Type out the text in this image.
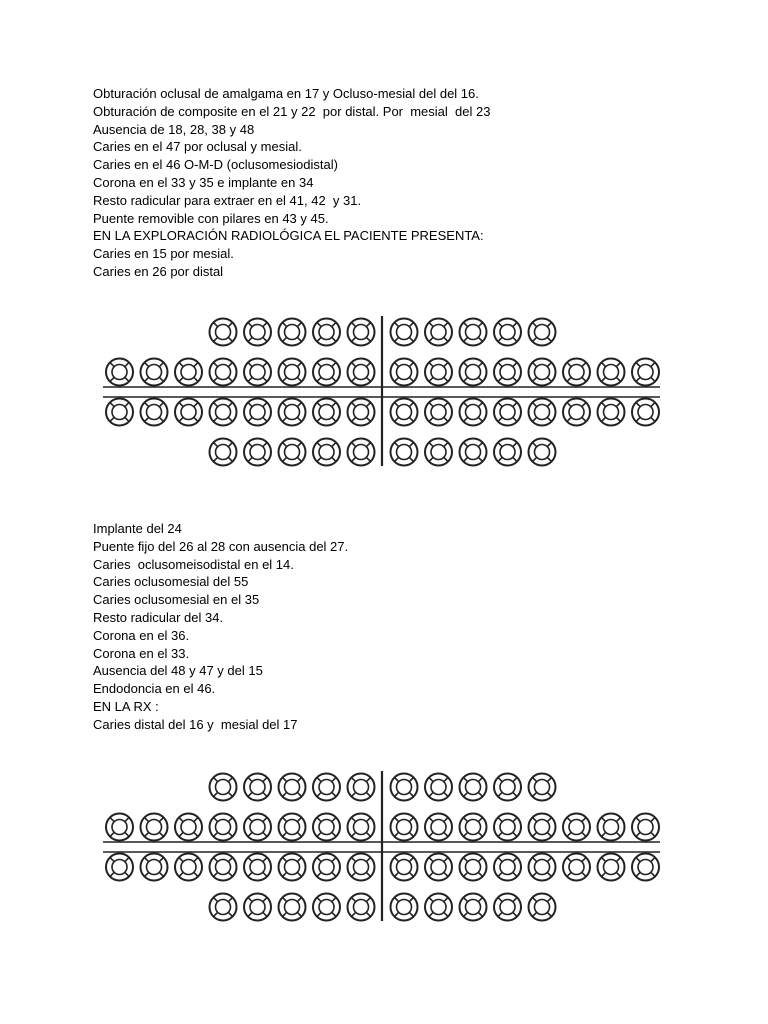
Obturación oclusal de amalgama en 17 y Ocluso-mesial del del 16.
Obturación de composite en el 21 y 22  por distal. Por  mesial  del 23
Ausencia de 18, 28, 38 y 48
Caries en el 47 por oclusal y mesial.
Caries en el 46 O-M-D (oclusomesiodistal)
Corona en el 33 y 35 e implante en 34
Resto radicular para extraer en el 41, 42  y 31.
Puente removible con pilares en 43 y 45.
EN LA EXPLORACIÓN RADIOLÓGICA EL PACIENTE PRESENTA:
Caries en 15 por mesial.
Caries en 26 por distal
Implante del 24
Puente fijo del 26 al 28 con ausencia del 27.
Caries  oclusomeisodistal en el 14.
Caries oclusomesial del 55
Caries oclusomesial en el 35
Resto radicular del 34.
Corona en el 36.
Corona en el 33.
Ausencia del 48 y 47 y del 15
Endodoncia en el 46.
EN LA RX :
Caries distal del 16 y  mesial del 17
